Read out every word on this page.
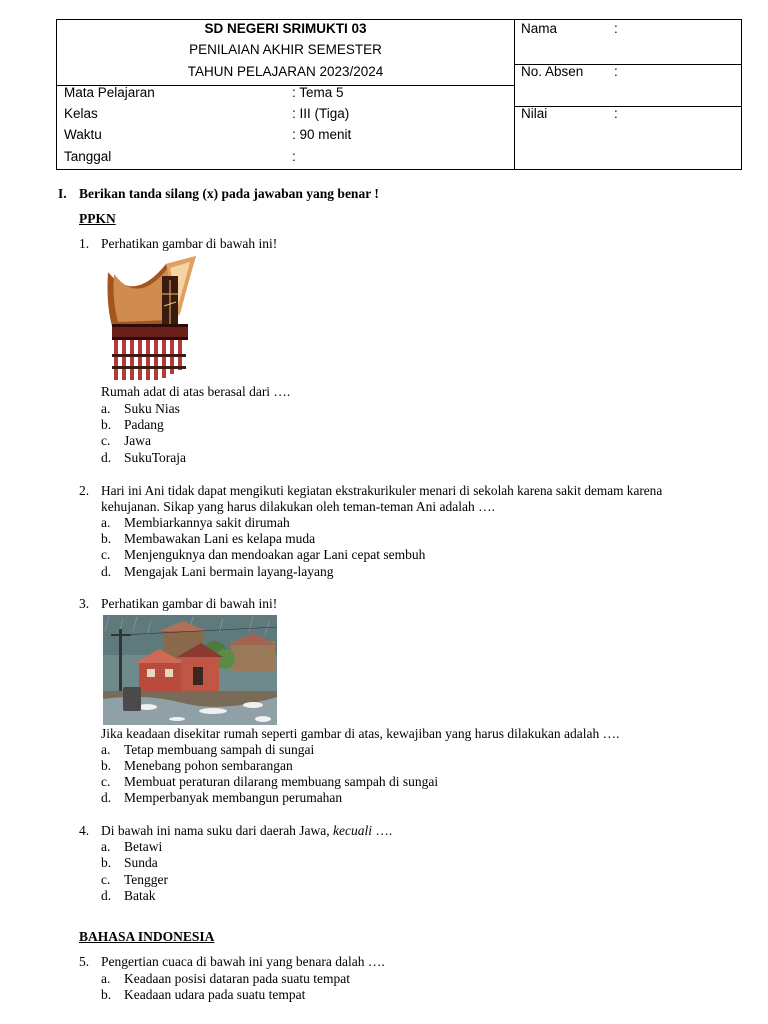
SD NEGERI SRIMUKTI 03
PENILAIAN AKHIR SEMESTER
TAHUN PELAJARAN 2023/2024
Mata Pelajaran	: Tema 5
Kelas	: III (Tiga)
Waktu	: 90 menit
Tanggal	:
Nama	:
No. Absen :
Nilai	:
I. Berikan tanda silang (x) pada jawaban yang benar !
PPKN
1. Perhatikan gambar di bawah ini!
Rumah adat di atas berasal dari ….
a. Suku Nias
b. Padang
c. Jawa
d. SukuToraja
2. Hari ini Ani tidak dapat mengikuti kegiatan ekstrakurikuler menari di sekolah karena sakit demam karena
kehujanan. Sikap yang harus dilakukan oleh teman-teman Ani adalah ….
a. Membiarkannya sakit dirumah
b. Membawakan Lani es kelapa muda
c. Menjenguknya dan mendoakan agar Lani cepat sembuh
d. Mengajak Lani bermain layang-layang
3. Perhatikan gambar di bawah ini!
Jika keadaan disekitar rumah seperti gambar di atas, kewajiban yang harus dilakukan adalah ….
a. Tetap membuang sampah di sungai
b. Menebang pohon sembarangan
c. Membuat peraturan dilarang membuang sampah di sungai
d. Memperbanyak membangun perumahan
4. Di bawah ini nama suku dari daerah Jawa, kecuali ….
a. Betawi
b. Sunda
c. Tengger
d. Batak
BAHASA INDONESIA
5. Pengertian cuaca di bawah ini yang benara dalah ….
a. Keadaan posisi dataran pada suatu tempat
b. Keadaan udara pada suatu tempat
